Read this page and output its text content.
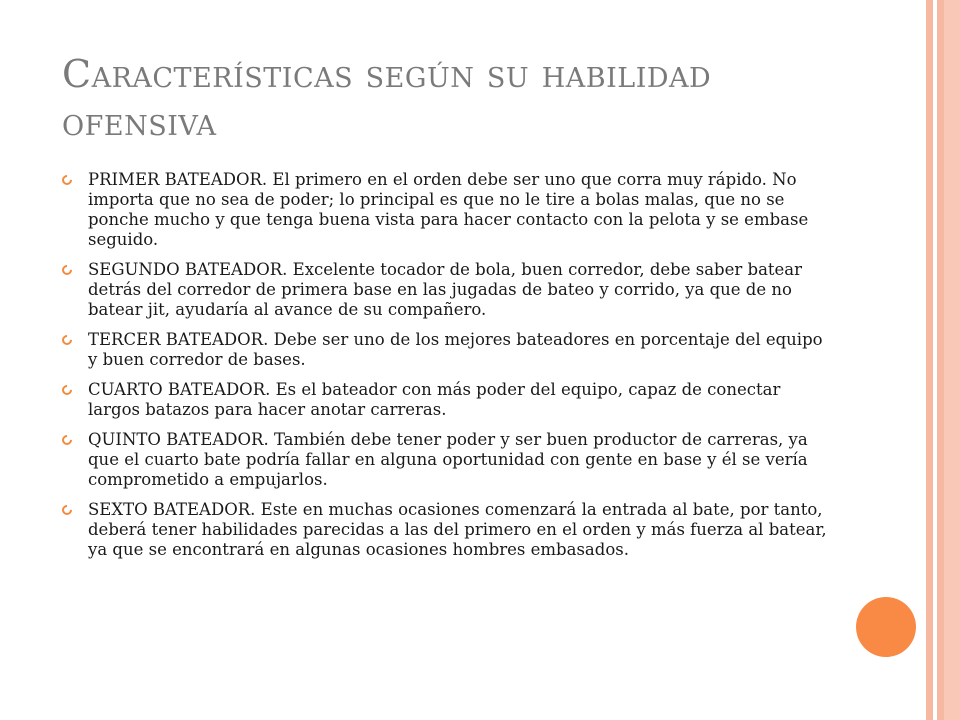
Características según su habilidad
ofensiva
PRIMER BATEADOR. El primero en el orden debe ser uno que corra muy rápido. No importa que no sea de poder; lo principal es que no le tire a bolas malas, que no se ponche mucho y que tenga buena vista para hacer contacto con la pelota y se embase seguido.
SEGUNDO BATEADOR. Excelente tocador de bola, buen corredor, debe saber batear detrás del corredor de primera base en las jugadas de bateo y corrido, ya que de no batear jit, ayudaría al avance de su compañero.
TERCER BATEADOR. Debe ser uno de los mejores bateadores en porcentaje del equipo y buen corredor de bases.
CUARTO BATEADOR. Es el bateador con más poder del equipo, capaz de conectar largos batazos para hacer anotar carreras.
QUINTO BATEADOR. También debe tener poder y ser buen productor de carreras, ya que el cuarto bate podría fallar en alguna oportunidad con gente en base y él se vería comprometido a empujarlos.
SEXTO BATEADOR. Este en muchas ocasiones comenzará la entrada al bate, por tanto, deberá tener habilidades parecidas a las del primero en el orden y más fuerza al batear, ya que se encontrará en algunas ocasiones hombres embasados.
